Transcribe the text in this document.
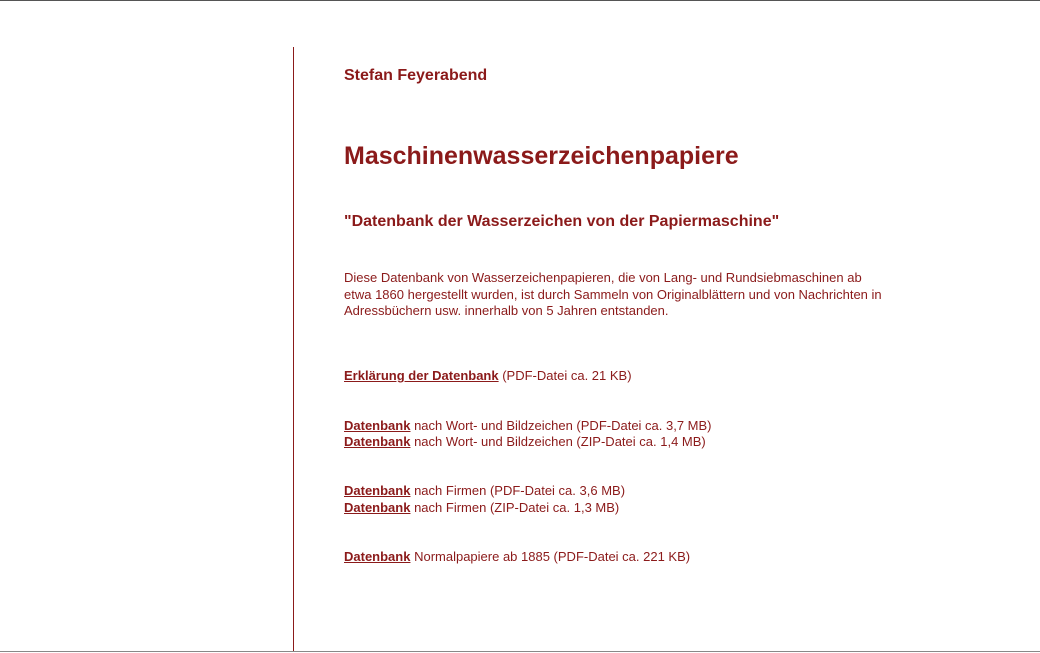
Stefan Feyerabend

Maschinenwasserzeichenpapiere
"Datenbank der Wasserzeichen von der Papiermaschine"

Diese Datenbank von Wasserzeichenpapieren, die von Lang- und Rundsiebmaschinen ab etwa 1860 hergestellt wurden, ist durch Sammeln von Originalblättern und von Nachrichten in Adressbüchern usw. innerhalb von 5 Jahren entstanden.

Erklärung der Datenbank (PDF-Datei ca. 21 KB)

Datenbank nach Wort- und Bildzeichen (PDF-Datei ca. 3,7 MB)

Datenbank nach Wort- und Bildzeichen (ZIP-Datei ca. 1,4 MB)

Datenbank nach Firmen (PDF-Datei ca. 3,6 MB)

Datenbank nach Firmen (ZIP-Datei ca. 1,3 MB)

Datenbank Normalpapiere ab 1885 (PDF-Datei ca. 221 KB)
